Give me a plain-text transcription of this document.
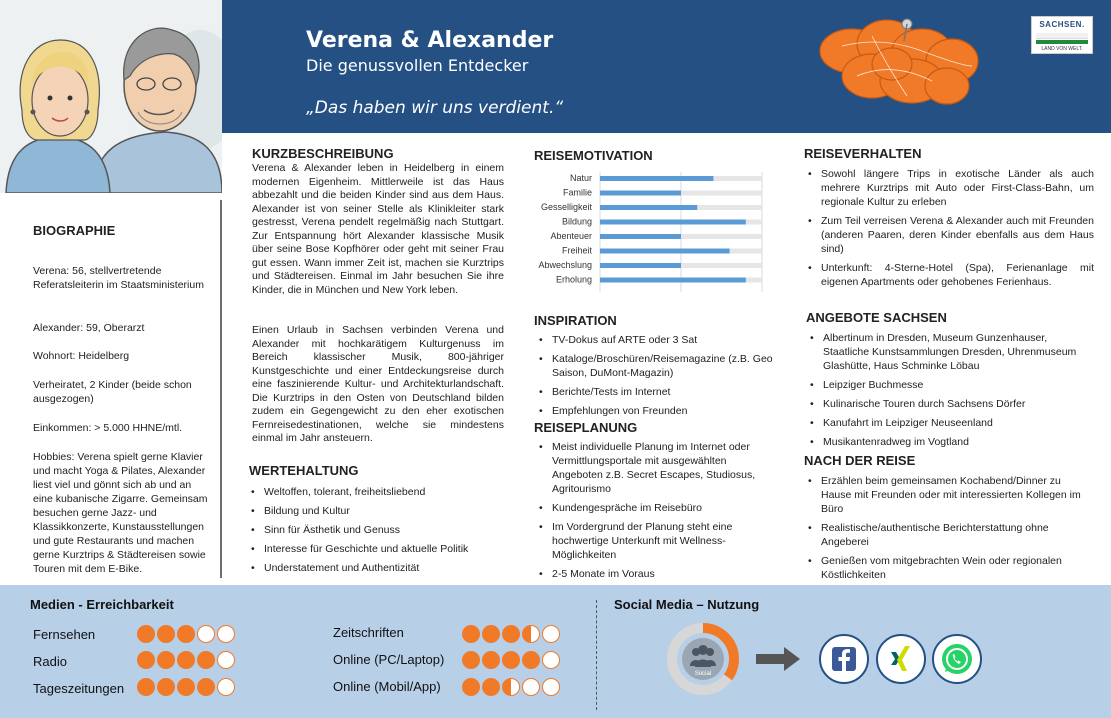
Verena & Alexander
Die genussvollen Entdecker
„Das haben wir uns verdient.“
SACHSEN.
LAND VON WELT.
BIOGRAPHIE
Verena: 56, stellvertretende Referatsleiterin im Staatsministerium
Alexander: 59, Oberarzt
Wohnort: Heidelberg
Verheiratet, 2 Kinder (beide schon ausgezogen)
Einkommen: > 5.000 HHNE/mtl.
Hobbies: Verena spielt gerne Klavier und macht Yoga & Pilates, Alexander liest viel und gönnt sich ab und an eine kubanische Zigarre. Gemeinsam besuchen gerne Jazz- und Klassikkonzerte, Kunstausstellungen und gute Restaurants und machen gerne Kurztrips & Städtereisen sowie Touren mit dem E-Bike.
KURZBESCHREIBUNG
Verena & Alexander leben in Heidelberg in einem modernen Eigenheim. Mittlerweile ist das Haus abbezahlt und die beiden Kinder sind aus dem Haus. Alexander ist von seiner Stelle als Klinikleiter stark gestresst, Verena pendelt regelmäßig nach Stuttgart. Zur Entspannung hört Alexander klassische Musik über seine Bose Kopfhörer oder geht mit seiner Frau gut essen. Wann immer Zeit ist, machen sie Kurztrips und Städtereisen. Einmal im Jahr besuchen Sie ihre Kinder, die in München und New York leben.
Einen Urlaub in Sachsen verbinden Verena und Alexander mit hochkarätigem Kulturgenuss im Bereich klassischer Musik, 800-jähriger Kunstgeschichte und einer Entdeckungsreise durch eine faszinierende Kultur- und Architekturlandschaft. Die Kurztrips in den Osten von Deutschland bilden zudem ein Gegengewicht zu den eher exotischen Fernreisedestinationen, welche sie mindestens einmal im Jahr ansteuern.
WERTEHALTUNG
• Weltoffen, tolerant, freiheitsliebend
• Bildung und Kultur
• Sinn für Ästhetik und Genuss
• Interesse für Geschichte und aktuelle Politik
• Understatement und Authentizität
REISEMOTIVATION
Natur
Familie
Gesselligkeit
Bildung
Abenteuer
Freiheit
Abwechslung
Erholung
INSPIRATION
• TV-Dokus auf ARTE oder 3 Sat
• Kataloge/Broschüren/Reisemagazine (z.B. Geo Saison, DuMont-Magazin)
• Berichte/Tests im Internet
• Empfehlungen von Freunden
REISEPLANUNG
• Meist individuelle Planung im Internet oder Vermittlungsportale mit ausgewählten Angeboten z.B. Secret Escapes, Studiosus, Agritourismo
• Kundengespräche im Reisebüro
• Im Vordergrund der Planung steht eine hochwertige Unterkunft mit Wellness-Möglichkeiten
• 2-5 Monate im Voraus
REISEVERHALTEN
• Sowohl längere Trips in exotische Länder als auch mehrere Kurztrips mit Auto oder First-Class-Bahn, um regionale Kultur zu erleben
• Zum Teil verreisen Verena & Alexander auch mit Freunden (anderen Paaren, deren Kinder ebenfalls aus dem Haus sind)
• Unterkunft: 4-Sterne-Hotel (Spa), Ferienanlage mit eigenen Apartments oder gehobenes Ferienhaus.
ANGEBOTE SACHSEN
• Albertinum in Dresden, Museum Gunzenhauser, Staatliche Kunstsammlungen Dresden, Uhrenmuseum Glashütte, Haus Schminke Löbau
• Leipziger Buchmesse
• Kulinarische Touren durch Sachsens Dörfer
• Kanufahrt im Leipziger Neuseenland
• Musikantenradweg im Vogtland
NACH DER REISE
• Erzählen beim gemeinsamen Kochabend/Dinner zu Hause mit Freunden oder mit interessierten Kollegen im Büro
• Realistische/authentische Berichterstattung ohne Angeberei
• Genießen vom mitgebrachten Wein oder regionalen Köstlichkeiten
Medien - Erreichbarkeit
Fernsehen
Radio
Tageszeitungen
Zeitschriften
Online (PC/Laptop)
Online (Mobil/App)
Social Media – Nutzung
Social
